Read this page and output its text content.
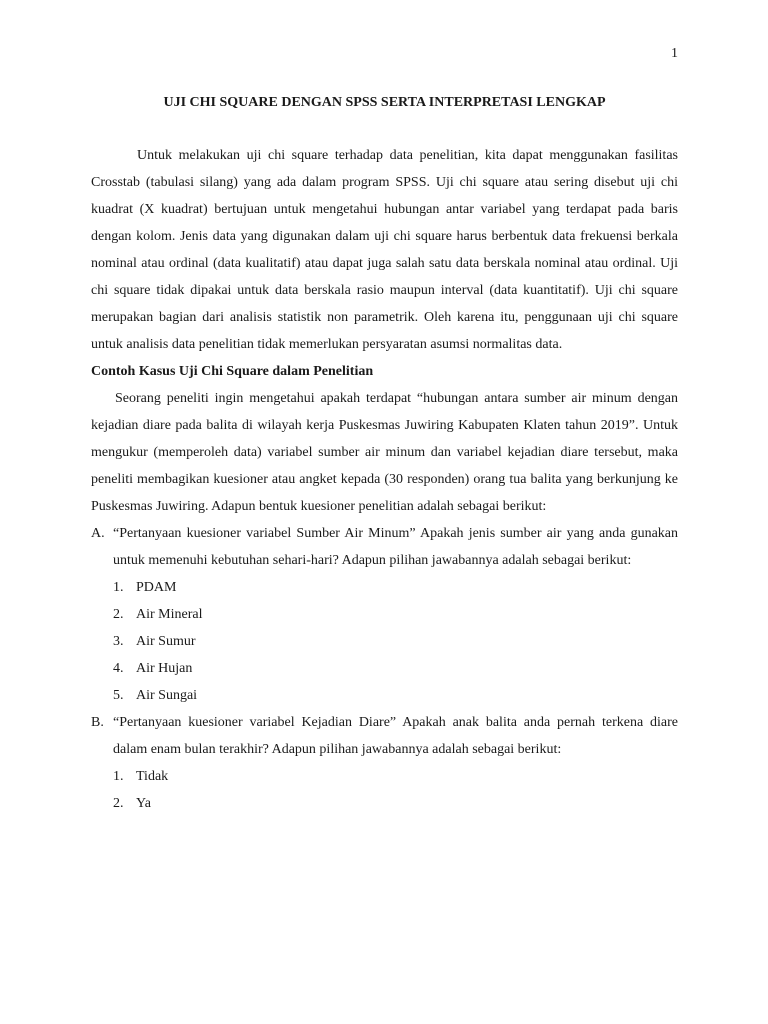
1
UJI CHI SQUARE DENGAN SPSS SERTA INTERPRETASI LENGKAP

Untuk melakukan uji chi square terhadap data penelitian, kita dapat menggunakan fasilitas Crosstab (tabulasi silang) yang ada dalam program SPSS. Uji chi square atau sering disebut uji chi kuadrat (X kuadrat) bertujuan untuk mengetahui hubungan antar variabel yang terdapat pada baris dengan kolom. Jenis data yang digunakan dalam uji chi square harus berbentuk data frekuensi berkala nominal atau ordinal (data kualitatif) atau dapat juga salah satu data berskala nominal atau ordinal. Uji chi square tidak dipakai untuk data berskala rasio maupun interval (data kuantitatif). Uji chi square merupakan bagian dari analisis statistik non parametrik. Oleh karena itu, penggunaan uji chi square untuk analisis data penelitian tidak memerlukan persyaratan asumsi normalitas data.

Contoh Kasus Uji Chi Square dalam Penelitian

Seorang peneliti ingin mengetahui apakah terdapat “hubungan antara sumber air minum dengan kejadian diare pada balita di wilayah kerja Puskesmas Juwiring Kabupaten Klaten tahun 2019”. Untuk mengukur (memperoleh data) variabel sumber air minum dan variabel kejadian diare tersebut, maka peneliti membagikan kuesioner atau angket kepada (30 responden) orang tua balita yang berkunjung ke Puskesmas Juwiring. Adapun bentuk kuesioner penelitian adalah sebagai berikut:

A. “Pertanyaan kuesioner variabel Sumber Air Minum” Apakah jenis sumber air yang anda gunakan untuk memenuhi kebutuhan sehari-hari? Adapun pilihan jawabannya adalah sebagai berikut:
1. PDAM
2. Air Mineral
3. Air Sumur
4. Air Hujan
5. Air Sungai
B. “Pertanyaan kuesioner variabel Kejadian Diare” Apakah anak balita anda pernah terkena diare dalam enam bulan terakhir? Adapun pilihan jawabannya adalah sebagai berikut:
1. Tidak
2. Ya
